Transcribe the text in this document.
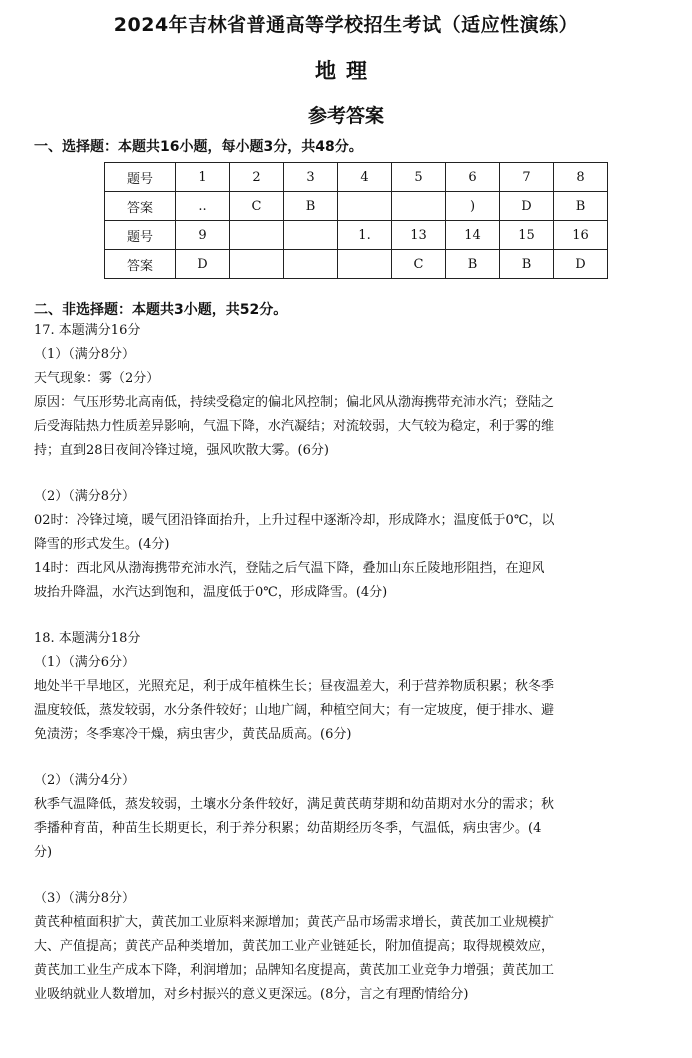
2024年吉林省普通高等学校招生考试（适应性演练）
地理
参考答案
一、选择题：本题共16小题，每小题3分，共48分。
题号	1	2	3	4	5	6	7	8
答案	..	C	B			)	D	B
题号	9			1.	13	14	15	16
答案	D				C	B	B	D
二、非选择题：本题共3小题，共52分。

17. 本题满分16分

（1）（满分8分）

天气现象：雾（2分）

原因：气压形势北高南低，持续受稳定的偏北风控制；偏北风从渤海携带充沛水汽；登陆之

后受海陆热力性质差异影响，气温下降，水汽凝结；对流较弱，大气较为稳定，利于雾的维

持；直到28日夜间冷锋过境，强风吹散大雾。(6分)

（2）（满分8分）

02时：冷锋过境，暖气团沿锋面抬升，上升过程中逐渐冷却，形成降水；温度低于0℃，以

降雪的形式发生。(4分)

14时：西北风从渤海携带充沛水汽，登陆之后气温下降，叠加山东丘陵地形阻挡，在迎风

坡抬升降温，水汽达到饱和，温度低于0℃，形成降雪。(4分)

18. 本题满分18分

（1）（满分6分）

地处半干旱地区，光照充足，利于成年植株生长；昼夜温差大，利于营养物质积累；秋冬季

温度较低，蒸发较弱，水分条件较好；山地广阔，种植空间大；有一定坡度，便于排水、避

免渍涝；冬季寒冷干燥，病虫害少，黄芪品质高。(6分)

（2）（满分4分）

秋季气温降低，蒸发较弱，土壤水分条件较好，满足黄芪萌芽期和幼苗期对水分的需求；秋

季播种育苗，种苗生长期更长，利于养分积累；幼苗期经历冬季，气温低，病虫害少。(4

分)

（3）（满分8分）

黄芪种植面积扩大，黄芪加工业原料来源增加；黄芪产品市场需求增长，黄芪加工业规模扩

大、产值提高；黄芪产品种类增加，黄芪加工业产业链延长，附加值提高；取得规模效应，

黄芪加工业生产成本下降，利润增加；品牌知名度提高，黄芪加工业竞争力增强；黄芪加工

业吸纳就业人数增加，对乡村振兴的意义更深远。(8分，言之有理酌情给分)
